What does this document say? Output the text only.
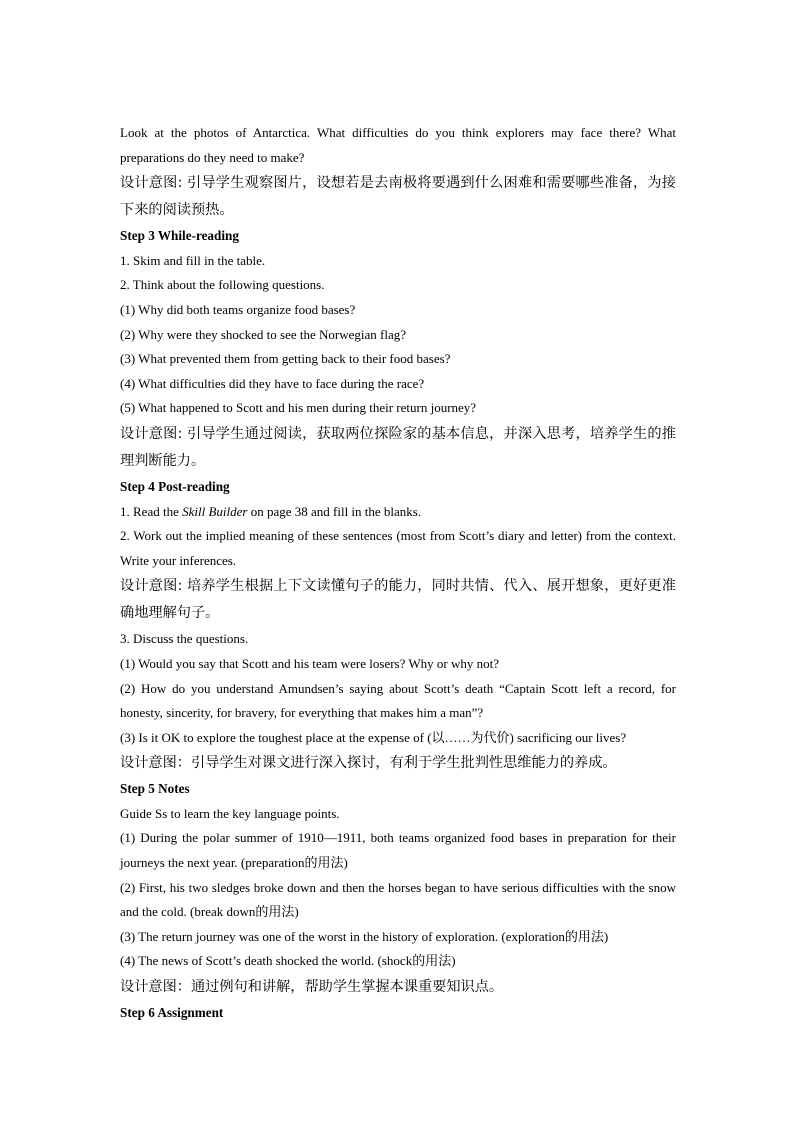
Look at the photos of Antarctica. What difficulties do you think explorers may face there? What preparations do they need to make?

设计意图: 引导学生观察图片，设想若是去南极将要遇到什么困难和需要哪些准备，为接下来的阅读预热。

Step 3 While-reading

1. Skim and fill in the table.

2. Think about the following questions.

(1) Why did both teams organize food bases?

(2) Why were they shocked to see the Norwegian flag?

(3) What prevented them from getting back to their food bases?

(4) What difficulties did they have to face during the race?

(5) What happened to Scott and his men during their return journey?

设计意图: 引导学生通过阅读，获取两位探险家的基本信息，并深入思考，培养学生的推理判断能力。

Step 4 Post-reading

1. Read the Skill Builder on page 38 and fill in the blanks.

2. Work out the implied meaning of these sentences (most from Scott’s diary and letter) from the context. Write your inferences.

设计意图: 培养学生根据上下文读懂句子的能力，同时共情、代入、展开想象，更好更准确地理解句子。

3. Discuss the questions.

(1) Would you say that Scott and his team were losers? Why or why not?

(2) How do you understand Amundsen’s saying about Scott’s death “Captain Scott left a record, for honesty, sincerity, for bravery, for everything that makes him a man”?

(3) Is it OK to explore the toughest place at the expense of (以……为代价) sacrificing our lives?

设计意图：引导学生对课文进行深入探讨，有利于学生批判性思维能力的养成。

Step 5 Notes

Guide Ss to learn the key language points.

(1) During the polar summer of 1910—1911, both teams organized food bases in preparation for their journeys the next year. (preparation的用法)

(2) First, his two sledges broke down and then the horses began to have serious difficulties with the snow and the cold. (break down的用法)

(3) The return journey was one of the worst in the history of exploration. (exploration的用法)

(4) The news of Scott’s death shocked the world. (shock的用法)

设计意图：通过例句和讲解，帮助学生掌握本课重要知识点。

Step 6 Assignment
